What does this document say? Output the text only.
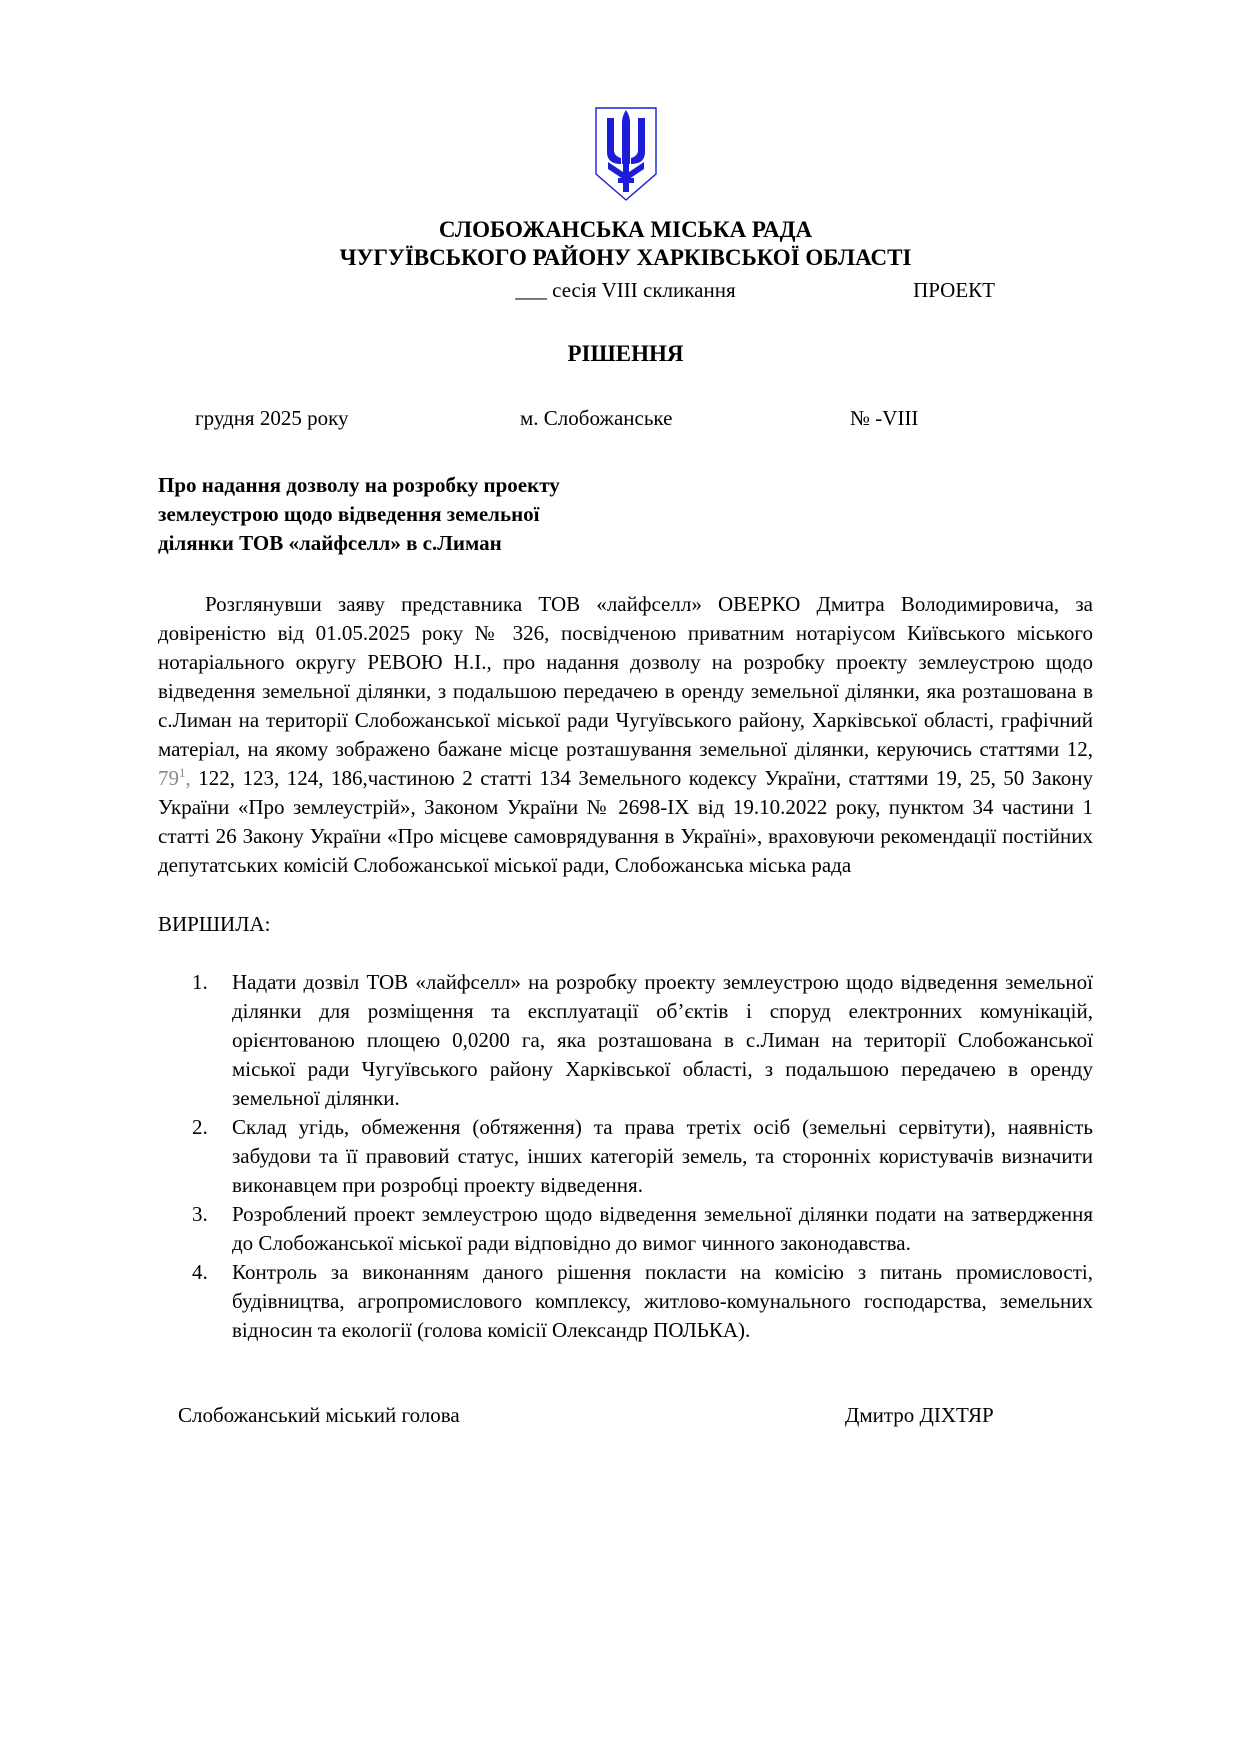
СЛОБОЖАНСЬКА МІСЬКА РАДА
ЧУГУЇВСЬКОГО РАЙОНУ ХАРКІВСЬКОЇ ОБЛАСТІ
___ сесія VIII скликання	ПРОЕКТ
РІШЕННЯ
грудня 2025 року	м. Слобожанське	№ -VIII
Про надання дозволу на розробку проекту
землеустрою щодо відведення земельної
ділянки ТОВ «лайфселл» в с.Лиман

Розглянувши заяву представника ТОВ «лайфселл» ОВЕРКО Дмитра Володимировича, за довіреністю від 01.05.2025 року № 326, посвідченою приватним нотаріусом Київського міського нотаріального округу РЕВОЮ Н.І., про надання дозволу на розробку проекту землеустрою щодо відведення земельної ділянки, з подальшою передачею в оренду земельної ділянки, яка розташована в с.Лиман на території Слобожанської міської ради Чугуївського району, Харківської області, графічний матеріал, на якому зображено бажане місце розташування земельної ділянки, керуючись статтями 12, $79^1$, 122, 123, 124, 186,частиною 2 статті 134 Земельного кодексу України, статтями 19, 25, 50 Закону України «Про землеустрій», Законом України № 2698-IX від 19.10.2022 року, пунктом 34 частини 1 статті 26 Закону України «Про місцеве самоврядування в Україні», враховуючи рекомендації постійних депутатських комісій Слобожанської міської ради, Слобожанська міська рада

ВИРШИЛА:
1.	Надати дозвіл ТОВ «лайфселл» на розробку проекту землеустрою щодо відведення земельної ділянки для розміщення та експлуатації об’єктів і споруд електронних комунікацій, орієнтованою площею 0,0200 га, яка розташована в с.Лиман на території Слобожанської міської ради Чугуївського району Харківської області, з подальшою передачею в оренду земельної ділянки.
2.	Склад угідь, обмеження (обтяження) та права третіх осіб (земельні сервітути), наявність забудови та її правовий статус, інших категорій земель, та сторонніх користувачів визначити виконавцем при розробці проекту відведення.
3.	Розроблений проект землеустрою щодо відведення земельної ділянки подати на затвердження до Слобожанської міської ради відповідно до вимог чинного законодавства.
4.	Контроль за виконанням даного рішення покласти на комісію з питань промисловості, будівництва, агропромислового комплексу, житлово-комунального господарства, земельних відносин та екології (голова комісії Олександр ПОЛЬКА).
Слобожанський міський голова	Дмитро ДІХТЯР
